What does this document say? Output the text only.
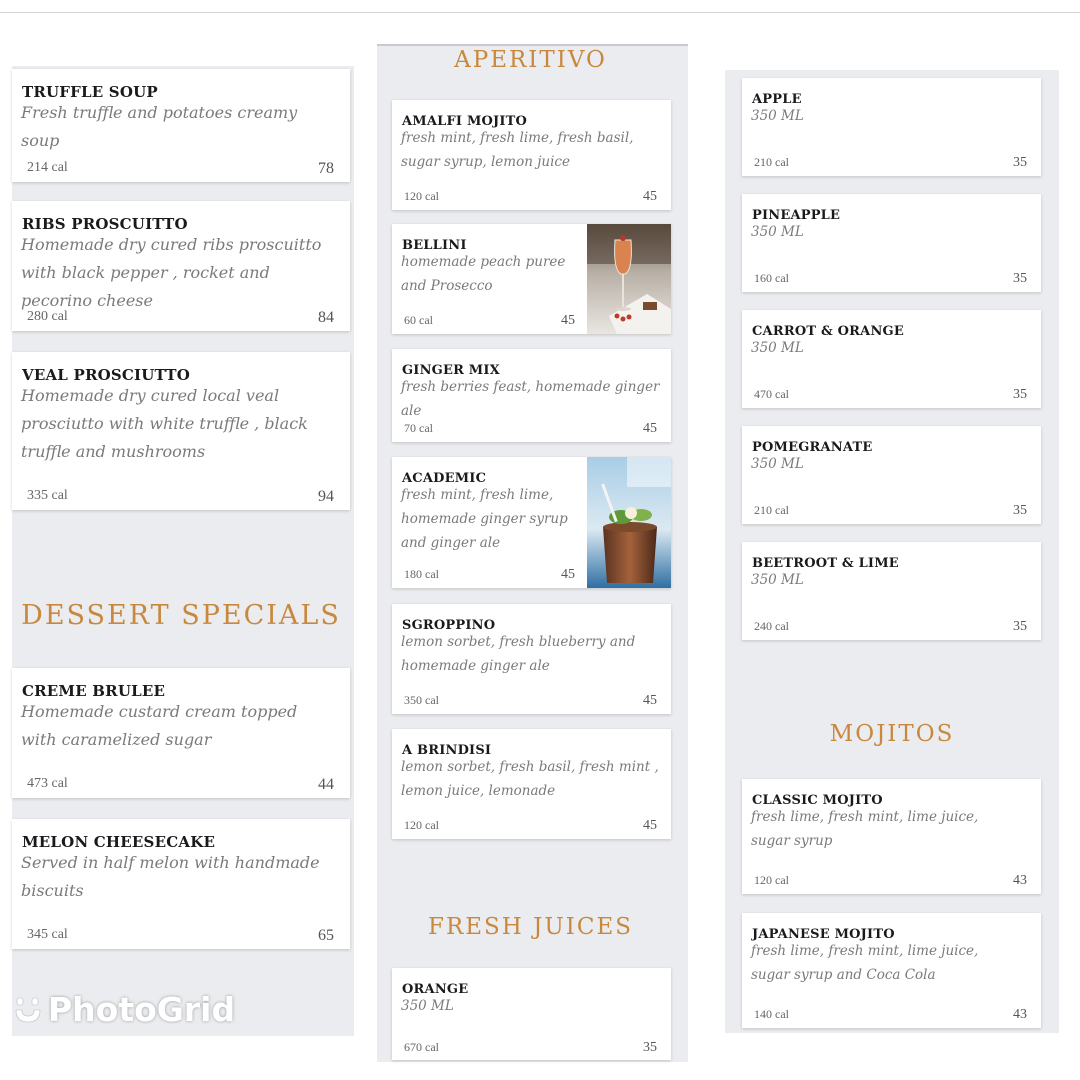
TRUFFLE SOUP
Fresh truffle and potatoes creamy soup
214 cal	78
RIBS PROSCUITTO
Homemade dry cured ribs proscuitto with black pepper , rocket and pecorino cheese
280 cal	84
VEAL PROSCIUTTO
Homemade dry cured local veal prosciutto with white truffle , black truffle and mushrooms
335 cal	94
DESSERT SPECIALS
CREME BRULEE
Homemade custard cream topped with caramelized sugar
473 cal	44
MELON CHEESECAKE
Served in half melon with handmade biscuits
345 cal	65
APERITIVO
AMALFI MOJITO
fresh mint, fresh lime, fresh basil, sugar syrup, lemon juice
120 cal	45
BELLINI
homemade peach puree and Prosecco
60 cal	45
GINGER MIX
fresh berries feast, homemade ginger ale
70 cal	45
ACADEMIC
fresh mint, fresh lime, homemade ginger syrup and ginger ale
180 cal	45
SGROPPINO
lemon sorbet, fresh blueberry and homemade ginger ale
350 cal	45
A BRINDISI
lemon sorbet, fresh basil, fresh mint , lemon juice, lemonade
120 cal	45
FRESH JUICES
ORANGE
350 ML
670 cal	35
APPLE
350 ML
210 cal	35
PINEAPPLE
350 ML
160 cal	35
CARROT & ORANGE
350 ML
470 cal	35
POMEGRANATE
350 ML
210 cal	35
BEETROOT & LIME
350 ML
240 cal	35
MOJITOS
CLASSIC MOJITO
fresh lime, fresh mint, lime juice, sugar syrup
120 cal	43
JAPANESE MOJITO
fresh lime, fresh mint, lime juice, sugar syrup and Coca Cola
140 cal	43
PhotoGrid
